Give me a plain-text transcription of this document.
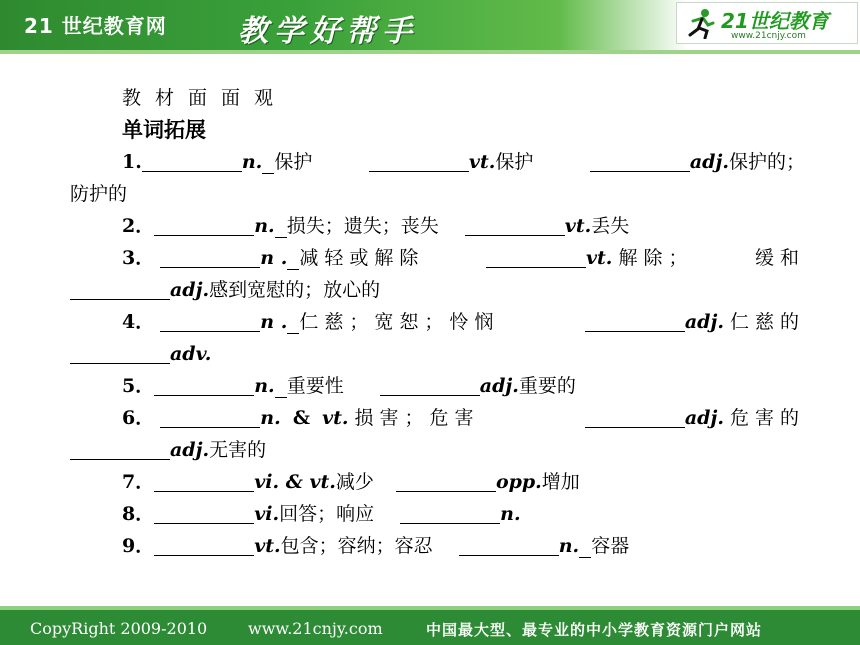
21 世纪教育网 教学好帮手	21世纪教育
www.21cnjy.com
教材面面观
单词拓展
1.	n. 保护	vt.保护	adj.保护的；
防护的
2．	n. 损失；遗失；丧失	vt.丢失
3．	n . 减轻或解除	vt. 解除；	缓和
adj.感到宽慰的；放心的
4．	n . 仁慈；宽恕；怜悯	adj. 仁慈的
adv.
5．	n. 重要性	adj.重要的
6．	n. & vt. 损害；危害	adj. 危害的
adj.无害的
7．	vi. & vt.减少	opp.增加
8．	vi.回答；响应	n.
9．	vt.包含；容纳；容忍	n. 容器
CopyRight 2009-2010	www.21cnjy.com	中国最大型、最专业的中小学教育资源门户网站
